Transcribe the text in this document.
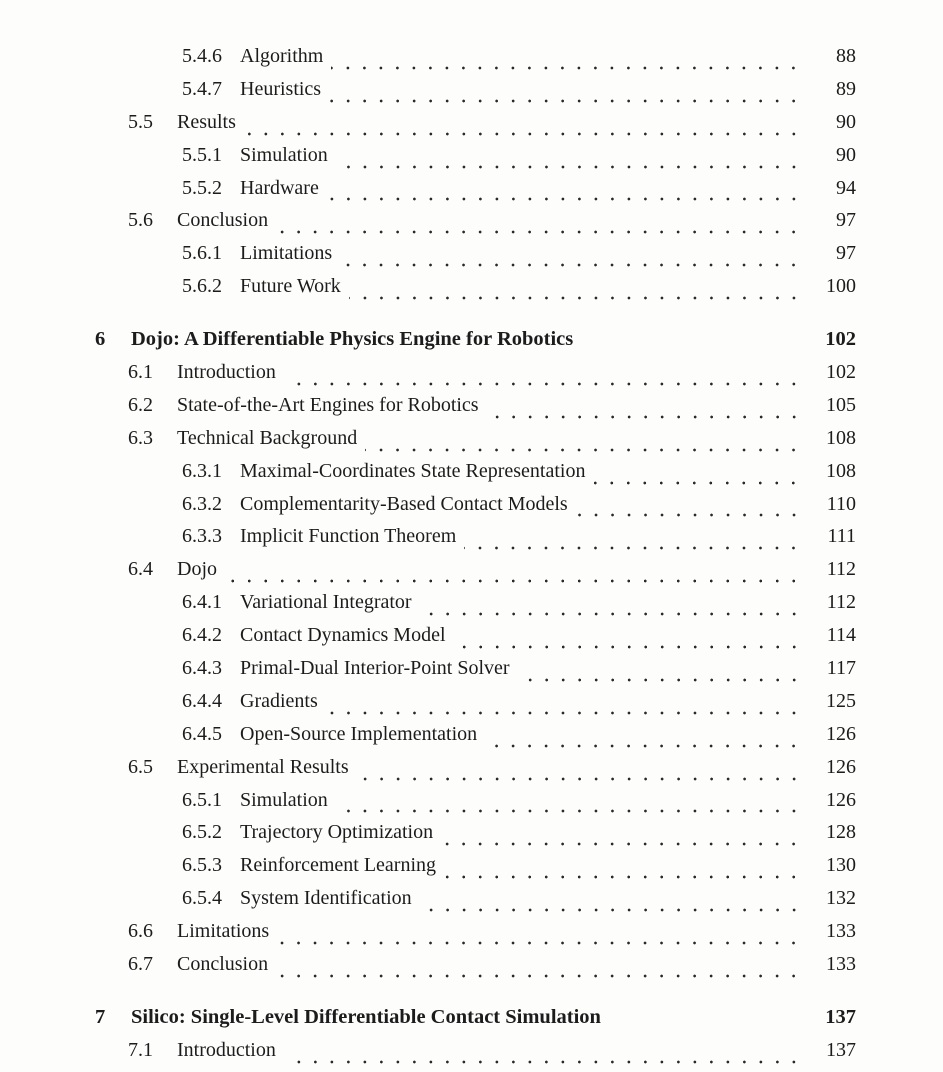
5.4.6 Algorithm	88
5.4.7 Heuristics	89
5.5	Results	90
5.5.1 Simulation	90
5.5.2 Hardware	94
5.6	Conclusion	97
5.6.1 Limitations	97
5.6.2 Future Work	100
6	Dojo: A Differentiable Physics Engine for Robotics	102
6.1	Introduction	102
6.2	State-of-the-Art Engines for Robotics	105
6.3	Technical Background	108
6.3.1 Maximal-Coordinates State Representation	108
6.3.2 Complementarity-Based Contact Models	110
6.3.3 Implicit Function Theorem	111
6.4	Dojo	112
6.4.1 Variational Integrator	112
6.4.2 Contact Dynamics Model	114
6.4.3 Primal-Dual Interior-Point Solver	117
6.4.4 Gradients	125
6.4.5 Open-Source Implementation	126
6.5	Experimental Results	126
6.5.1 Simulation	126
6.5.2 Trajectory Optimization	128
6.5.3 Reinforcement Learning	130
6.5.4 System Identification	132
6.6	Limitations	133
6.7	Conclusion	133
7	Silico: Single-Level Differentiable Contact Simulation	137
7.1	Introduction	137
